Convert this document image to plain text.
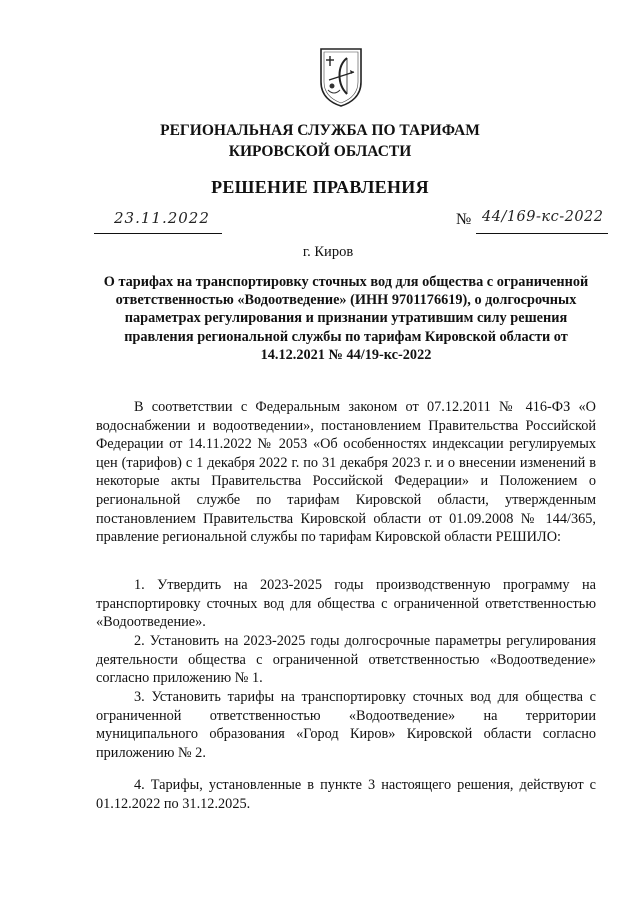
РЕГИОНАЛЬНАЯ СЛУЖБА ПО ТАРИФАМ
КИРОВСКОЙ ОБЛАСТИ
РЕШЕНИЕ ПРАВЛЕНИЯ
23.11.2022	№ 44/169-кс-2022
г. Киров
О тарифах на транспортировку сточных вод для общества с ограниченной ответственностью «Водоотведение» (ИНН 9701176619), о долгосрочных параметрах регулирования и признании утратившим силу решения правления региональной службы по тарифам Кировской области от 14.12.2021 № 44/19-кс-2022
В соответствии с Федеральным законом от 07.12.2011 № 416-ФЗ «О водоснабжении и водоотведении», постановлением Правительства Российской Федерации от 14.11.2022 № 2053 «Об особенностях индексации регулируемых цен (тарифов) с 1 декабря 2022 г. по 31 декабря 2023 г. и о внесении изменений в некоторые акты Правительства Российской Федерации» и Положением о региональной службе по тарифам Кировской области, утвержденным постановлением Правительства Кировской области от 01.09.2008 № 144/365, правление региональной службы по тарифам Кировской области РЕШИЛО:
1. Утвердить на 2023-2025 годы производственную программу на транспортировку сточных вод для общества с ограниченной ответственностью «Водоотведение».
2. Установить на 2023-2025 годы долгосрочные параметры регулирования деятельности общества с ограниченной ответственностью «Водоотведение» согласно приложению № 1.
3. Установить тарифы на транспортировку сточных вод для общества с ограниченной ответственностью «Водоотведение» на территории муниципального образования «Город Киров» Кировской области согласно приложению № 2.
4. Тарифы, установленные в пункте 3 настоящего решения, действуют с 01.12.2022 по 31.12.2025.
